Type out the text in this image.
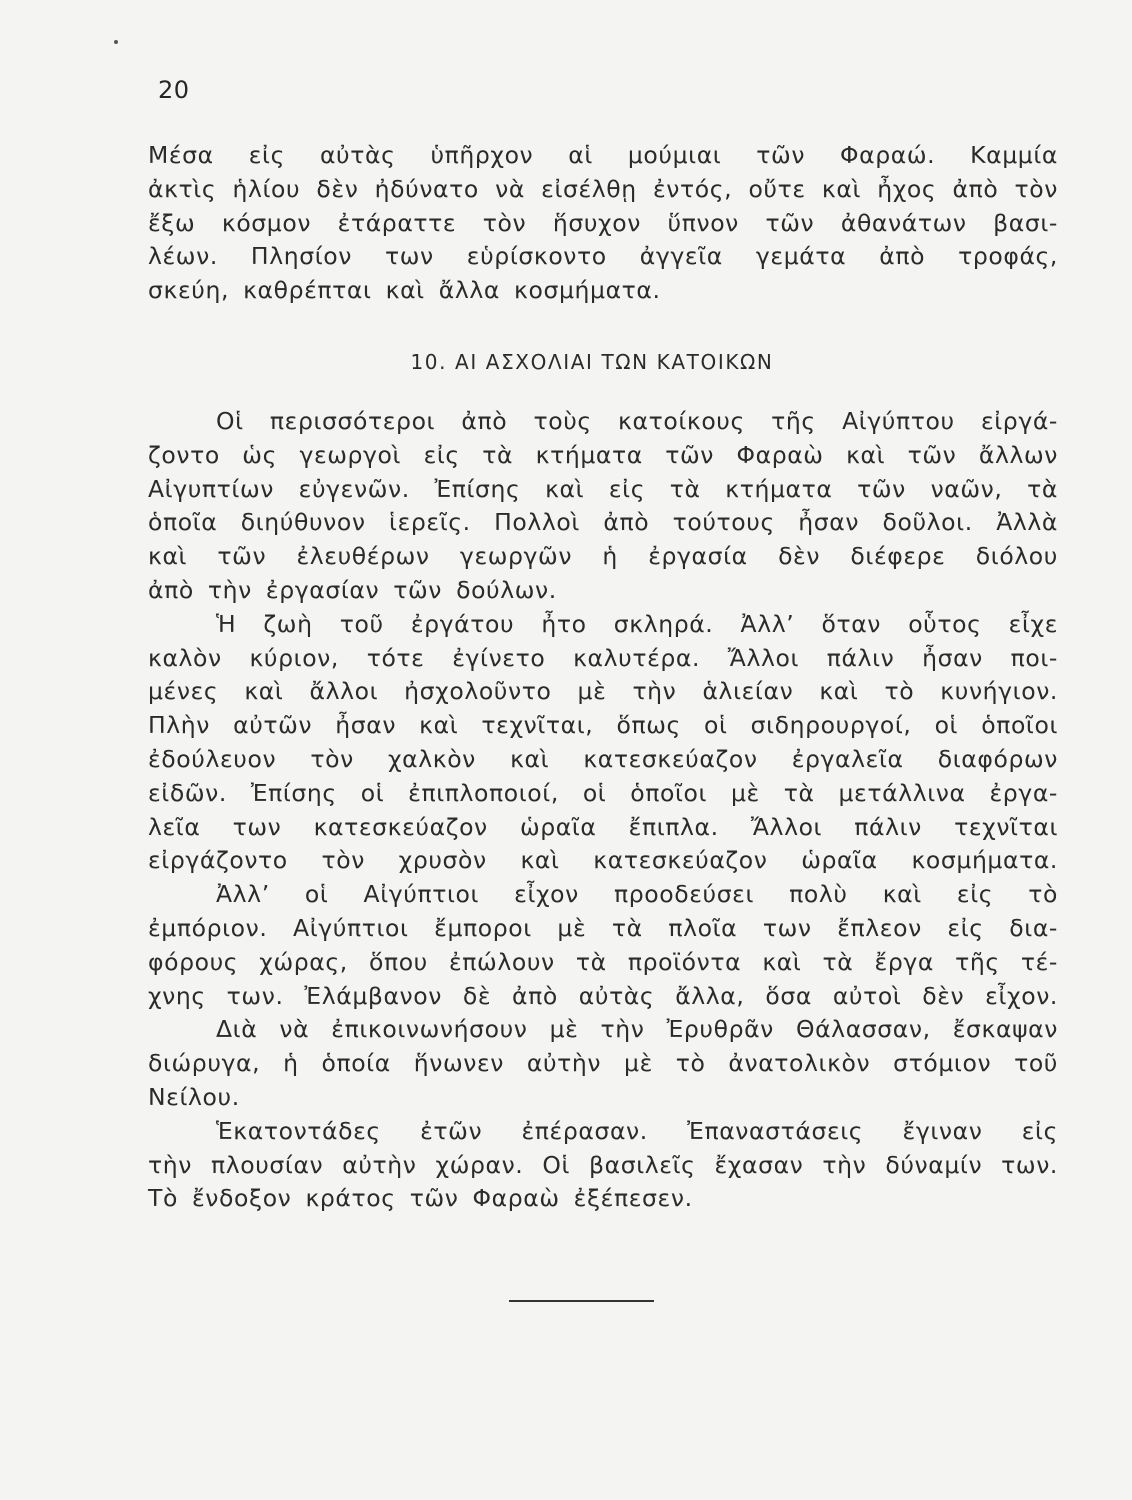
20
Μέσα εἰς αὐτὰς ὑπῆρχον αἱ μούμιαι τῶν Φαραώ. Καμμία
ἀκτὶς ἡλίου δὲν ἠδύνατο νὰ εἰσέλθῃ ἐντός, οὔτε καὶ ἦχος ἀπὸ τὸν
ἔξω κόσμον ἐτάραττε τὸν ἥσυχον ὕπνον τῶν ἀθανάτων βασι-
λέων. Πλησίον των εὑρίσκοντο ἀγγεῖα γεμάτα ἀπὸ τροφάς,
σκεύη, καθρέπται καὶ ἄλλα κοσμήματα.
10. ΑΙ ΑΣΧΟΛΙΑΙ ΤΩΝ ΚΑΤΟΙΚΩΝ
Οἱ περισσότεροι ἀπὸ τοὺς κατοίκους τῆς Αἰγύπτου εἰργά-
ζοντο ὡς γεωργοὶ εἰς τὰ κτήματα τῶν Φαραὼ καὶ τῶν ἄλλων
Αἰγυπτίων εὐγενῶν. Ἐπίσης καὶ εἰς τὰ κτήματα τῶν ναῶν, τὰ
ὁποῖα διηύθυνον ἱερεῖς. Πολλοὶ ἀπὸ τούτους ἦσαν δοῦλοι. Ἀλλὰ
καὶ τῶν ἐλευθέρων γεωργῶν ἡ ἐργασία δὲν διέφερε διόλου
ἀπὸ τὴν ἐργασίαν τῶν δούλων.
Ἡ ζωὴ τοῦ ἐργάτου ἦτο σκληρά. Ἀλλ’ ὅταν οὗτος εἶχε
καλὸν κύριον, τότε ἐγίνετο καλυτέρα. Ἄλλοι πάλιν ἦσαν ποι-
μένες καὶ ἄλλοι ἠσχολοῦντο μὲ τὴν ἁλιείαν καὶ τὸ κυνήγιον.
Πλὴν αὐτῶν ἦσαν καὶ τεχνῖται, ὅπως οἱ σιδηρουργοί, οἱ ὁποῖοι
ἐδούλευον τὸν χαλκὸν καὶ κατεσκεύαζον ἐργαλεῖα διαφόρων
εἰδῶν. Ἐπίσης οἱ ἐπιπλοποιοί, οἱ ὁποῖοι μὲ τὰ μετάλλινα ἐργα-
λεῖα των κατεσκεύαζον ὡραῖα ἔπιπλα. Ἄλλοι πάλιν τεχνῖται
εἰργάζοντο τὸν χρυσὸν καὶ κατεσκεύαζον ὡραῖα κοσμήματα.
Ἀλλ’ οἱ Αἰγύπτιοι εἶχον προοδεύσει πολὺ καὶ εἰς τὸ
ἐμπόριον. Αἰγύπτιοι ἔμποροι μὲ τὰ πλοῖα των ἔπλεον εἰς δια-
φόρους χώρας, ὅπου ἐπώλουν τὰ προϊόντα καὶ τὰ ἔργα τῆς τέ-
χνης των. Ἐλάμβανον δὲ ἀπὸ αὐτὰς ἄλλα, ὅσα αὐτοὶ δὲν εἶχον.
Διὰ νὰ ἐπικοινωνήσουν μὲ τὴν Ἐρυθρᾶν Θάλασσαν, ἔσκαψαν
διώρυγα, ἡ ὁποία ἥνωνεν αὐτὴν μὲ τὸ ἀνατολικὸν στόμιον τοῦ
Νείλου.
Ἑκατοντάδες ἐτῶν ἐπέρασαν. Ἐπαναστάσεις ἔγιναν εἰς
τὴν πλουσίαν αὐτὴν χώραν. Οἱ βασιλεῖς ἔχασαν τὴν δύναμίν των.
Τὸ ἔνδοξον κράτος τῶν Φαραὼ ἐξέπεσεν.
